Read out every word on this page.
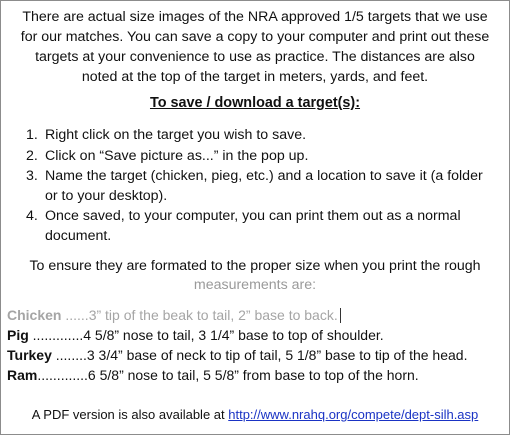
There are actual size images of the NRA approved 1/5 targets that we use
for our matches. You can save a copy to your computer and print out these
targets at your convenience to use as practice. The distances are also
noted at the top of the target in meters, yards, and feet.
To save / download a target(s):
1. Right click on the target you wish to save.
2. Click on “Save picture as...” in the pop up.
3. Name the target (chicken, pieg, etc.) and a location to save it (a folder
or to your desktop).
4. Once saved, to your computer, you can print them out as a normal
document.
To ensure they are formated to the proper size when you print the rough
measurements are:
Chicken ......3” tip of the beak to tail, 2” base to back.
Pig .............4 5/8” nose to tail, 3 1/4” base to top of shoulder.
Turkey ........3 3/4” base of neck to tip of tail, 5 1/8” base to tip of the head.
Ram.............6 5/8” nose to tail, 5 5/8” from base to top of the horn.
A PDF version is also available at http://www.nrahq.org/compete/dept-silh.asp
